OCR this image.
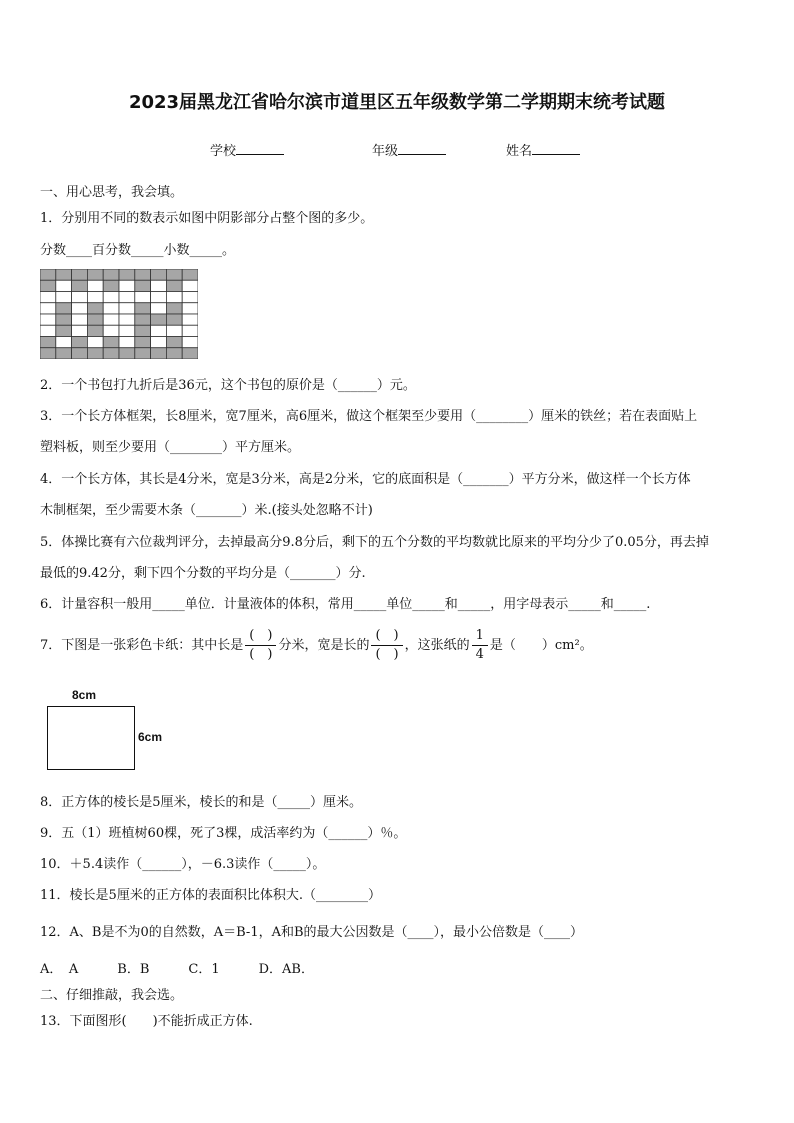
2023届黑龙江省哈尔滨市道里区五年级数学第二学期期末统考试题
学校	年级	姓名
一、用心思考，我会填。
1．分别用不同的数表示如图中阴影部分占整个图的多少。
分数____百分数_____小数_____。
2．一个书包打九折后是36元，这个书包的原价是（______）元。
3．一个长方体框架，长8厘米，宽7厘米，高6厘米，做这个框架至少要用（________）厘米的铁丝；若在表面贴上
塑料板，则至少要用（________）平方厘米。
4．一个长方体，其长是4分米，宽是3分米，高是2分米，它的底面积是（_______）平方分米，做这样一个长方体
木制框架，至少需要木条（_______）米.(接头处忽略不计)
5．体操比赛有六位裁判评分，去掉最高分9.8分后，剩下的五个分数的平均数就比原来的平均分少了0.05分，再去掉
最低的9.42分，剩下四个分数的平均分是（_______）分.
6．计量容积一般用_____单位．计量液体的体积，常用_____单位_____和_____，用字母表示_____和_____.
7．下图是一张彩色卡纸：其中长是 $\frac{( )}{( )}$ 分米，宽是长的 $\frac{( )}{( )}$ ，这张纸的 $\frac{1}{4}$ 是（　　）cm²。
8cm
6cm
8．正方体的棱长是5厘米，棱长的和是（_____）厘米。
9．五（1）班植树60棵，死了3棵，成活率约为（______）％。
10．＋5.4读作（______），－6.3读作（_____）。
11．棱长是5厘米的正方体的表面积比体积大.（________）
12．A、B是不为0的自然数，A＝B-1，A和B的最大公因数是（____），最小公倍数是（____）
A．　A　　　B．B　　　C．1　　　D．AB．
二、仔细推敲，我会选。
13．下面图形(　　)不能折成正方体.
